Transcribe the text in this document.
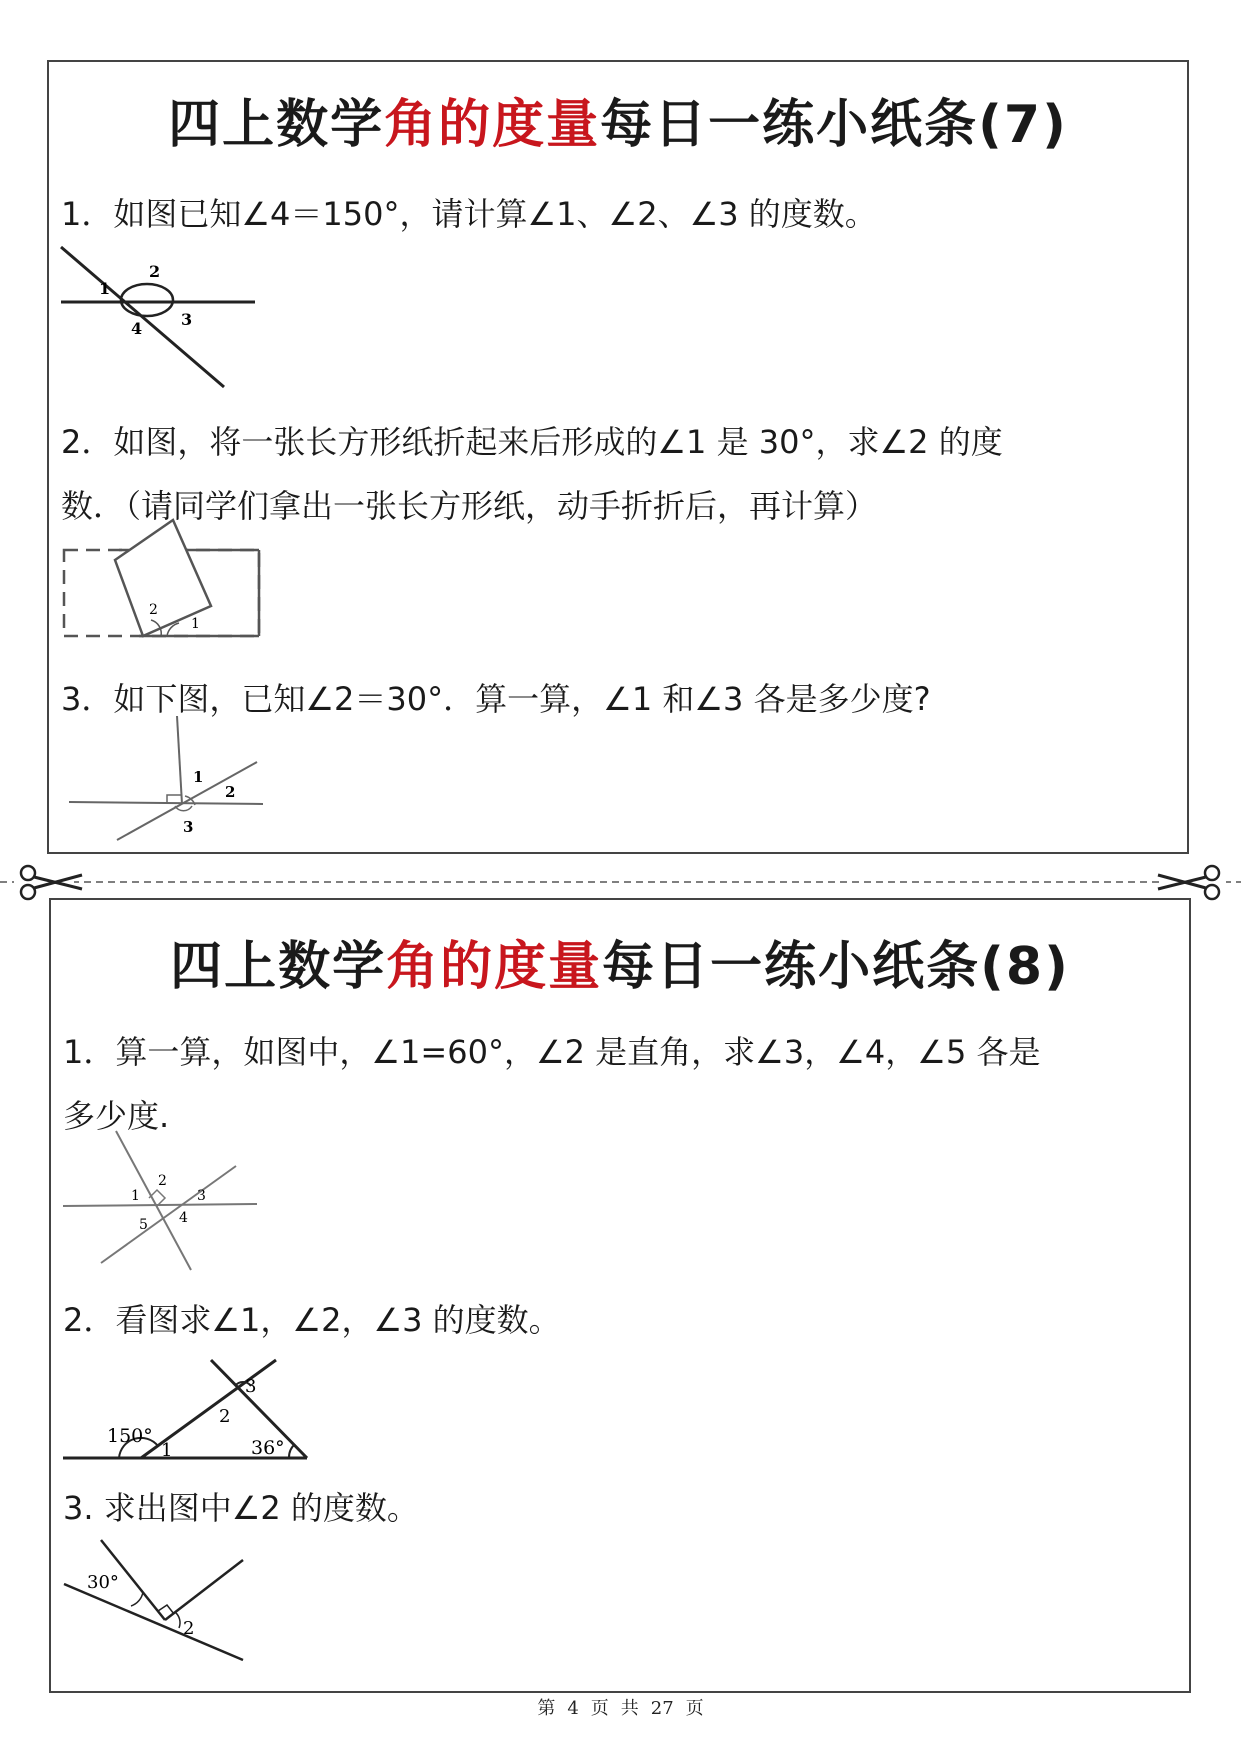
四上数学角的度量每日一练小纸条(7)
1．如图已知∠4＝150°，请计算∠1、∠2、∠3 的度数。
2
1
3
4
2．如图，将一张长方形纸折起来后形成的∠1 是 30°，求∠2 的度
数．（请同学们拿出一张长方形纸，动手折折后，再计算）
2
1
3．如下图，已知∠2＝30°．算一算，∠1 和∠3 各是多少度?
1
2
3
四上数学角的度量每日一练小纸条(8)
1．算一算，如图中，∠1=60°，∠2 是直角，求∠3，∠4，∠5 各是
多少度.
1
2
3
4
5
2．看图求∠1，∠2，∠3 的度数。
150°
1
2
3
36°
3. 求出图中∠2 的度数。
30°
2
第 4 页 共 27 页
